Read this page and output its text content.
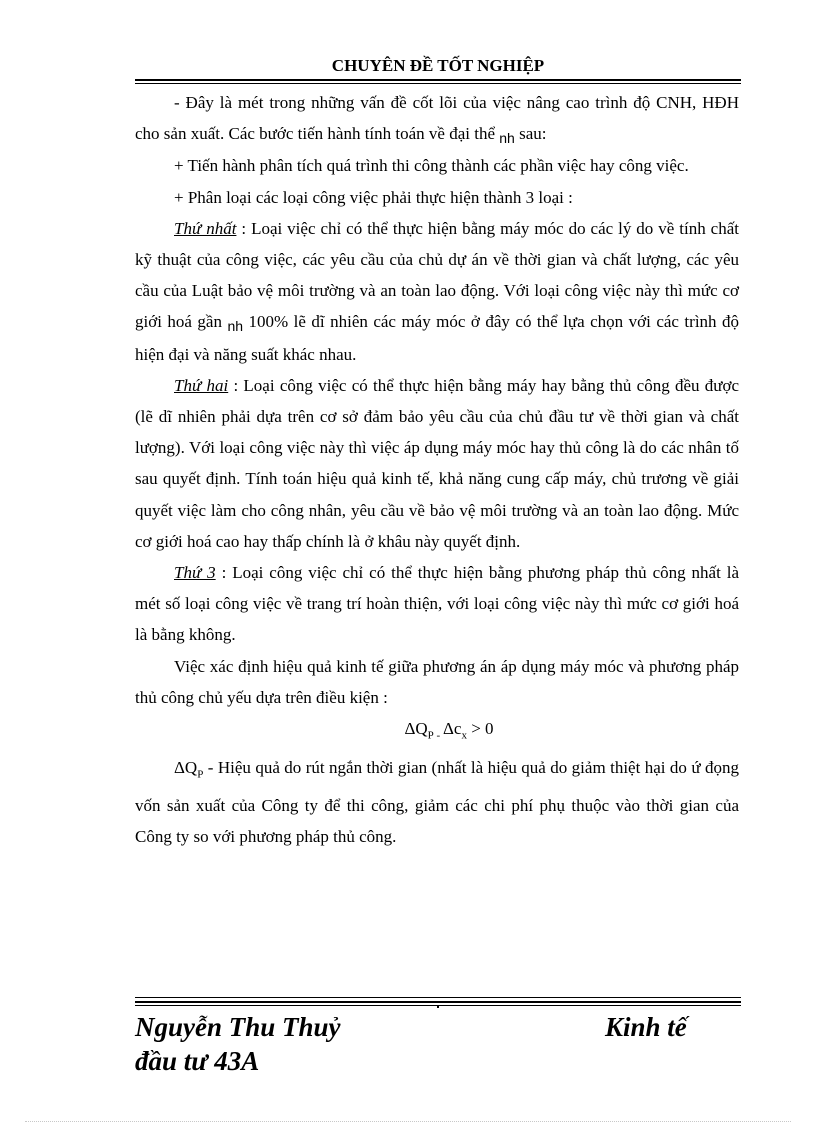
CHUYÊN ĐỀ TỐT NGHIỆP

- Đây là mét trong những vấn đề cốt lõi của việc nâng cao trình độ CNH, HĐH cho sản xuất. Các bước tiến hành tính toán về đại thể $_{nh}$ sau:

+ Tiến hành phân tích quá trình thi công thành các phần việc hay công việc.

+ Phân loại các loại công việc phải thực hiện thành 3 loại :

Thứ nhất : Loại việc chỉ có thể thực hiện bằng máy móc do các lý do về tính chất kỹ thuật của công việc, các yêu cầu của chủ dự án về thời gian và chất lượng, các yêu cầu của Luật bảo vệ môi trường và an toàn lao động. Với loại công việc này thì mức cơ giới hoá gần $_{nh}$ 100% lẽ dĩ nhiên các máy móc ở đây có thể lựa chọn với các trình độ hiện đại và năng suất khác nhau.

Thứ hai : Loại công việc có thể thực hiện bằng máy hay bằng thủ công đều được (lẽ dĩ nhiên phải dựa trên cơ sở đảm bảo yêu cầu của chủ đầu tư về thời gian và chất lượng). Với loại công việc này thì việc áp dụng máy móc hay thủ công là do các nhân tố sau quyết định. Tính toán hiệu quả kinh tế, khả năng cung cấp máy, chủ trương về giải quyết việc làm cho công nhân, yêu cầu về bảo vệ môi trường và an toàn lao động. Mức cơ giới hoá cao hay thấp chính là ở khâu này quyết định.

Thứ 3 : Loại công việc chỉ có thể thực hiện bằng phương pháp thủ công nhất là mét số loại công việc về trang trí hoàn thiện, với loại công việc này thì mức cơ giới hoá là bằng không.

Việc xác định hiệu quả kinh tế giữa phương án áp dụng máy móc và phương pháp thủ công chủ yếu dựa trên điều kiện :

$\Delta Q_P$ $_-$ $\Delta c_x > 0$

$\Delta Q_P$ - Hiệu quả do rút ngắn thời gian (nhất là hiệu quả do giảm thiệt hại do ứ đọng vốn sản xuất của Công ty để thi công, giảm các chi phí phụ thuộc vào thời gian của Công ty so với phương pháp thủ công.

Nguyễn Thu Thuỷ	Kinh tế
đầu tư 43A
